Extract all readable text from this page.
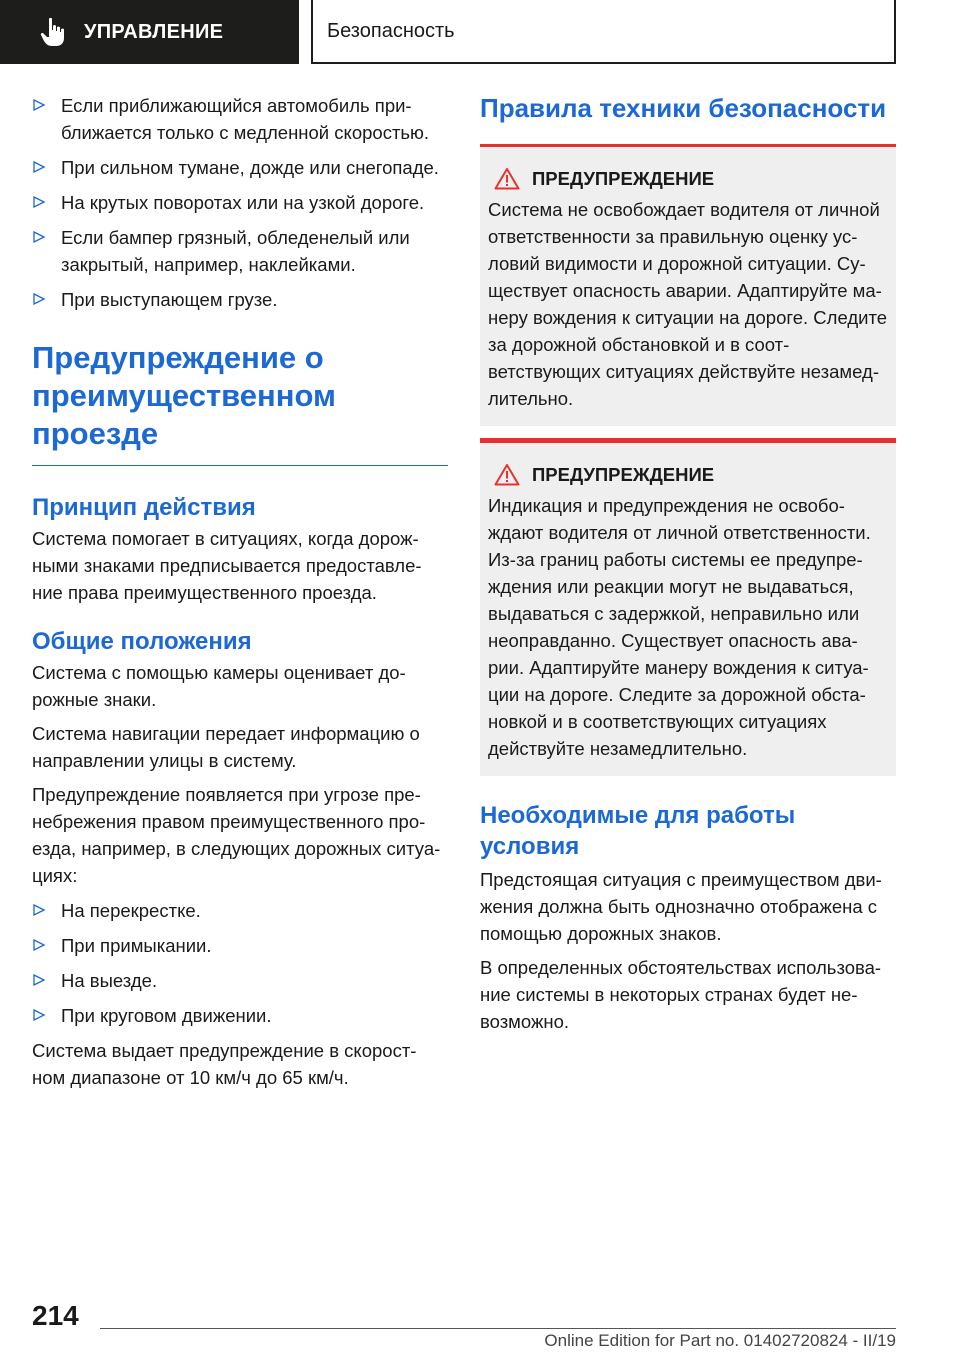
УПРАВЛЕНИЕ	Безопасность
Если приближающийся автомобиль при-ближается только с медленной скоростью.
При сильном тумане, дожде или снегопаде.
На крутых поворотах или на узкой дороге.
Если бампер грязный, обледенелый или закрытый, например, наклейками.
При выступающем грузе.
Предупреждение о преимущественном проезде
Принцип действия
Система помогает в ситуациях, когда дорож-ными знаками предписывается предоставле-ние права преимущественного проезда.
Общие положения
Система с помощью камеры оценивает до-рожные знаки.
Система навигации передает информацию о направлении улицы в систему.
Предупреждение появляется при угрозе пре-небрежения правом преимущественного про-езда, например, в следующих дорожных ситуа-циях:
На перекрестке.
При примыкании.
На выезде.
При круговом движении.
Система выдает предупреждение в скорост-ном диапазоне от 10 км/ч до 65 км/ч.
Правила техники безопасности
ПРЕДУПРЕЖДЕНИЕ
Система не освобождает водителя от личной ответственности за правильную оценку ус-ловий видимости и дорожной ситуации. Су-ществует опасность аварии. Адаптируйте ма-неру вождения к ситуации на дороге. Следите за дорожной обстановкой и в соот-ветствующих ситуациях действуйте незамед-лительно.
ПРЕДУПРЕЖДЕНИЕ
Индикация и предупреждения не освобо-ждают водителя от личной ответственности. Из-за границ работы системы ее предупре-ждения или реакции могут не выдаваться, выдаваться с задержкой, неправильно или неоправданно. Существует опасность ава-рии. Адаптируйте манеру вождения к ситуа-ции на дороге. Следите за дорожной обста-новкой и в соответствующих ситуациях действуйте незамедлительно.
Необходимые для работы условия
Предстоящая ситуация с преимуществом дви-жения должна быть однозначно отображена с помощью дорожных знаков.
В определенных обстоятельствах использова-ние системы в некоторых странах будет не-возможно.
214
Online Edition for Part no. 01402720824 - II/19
